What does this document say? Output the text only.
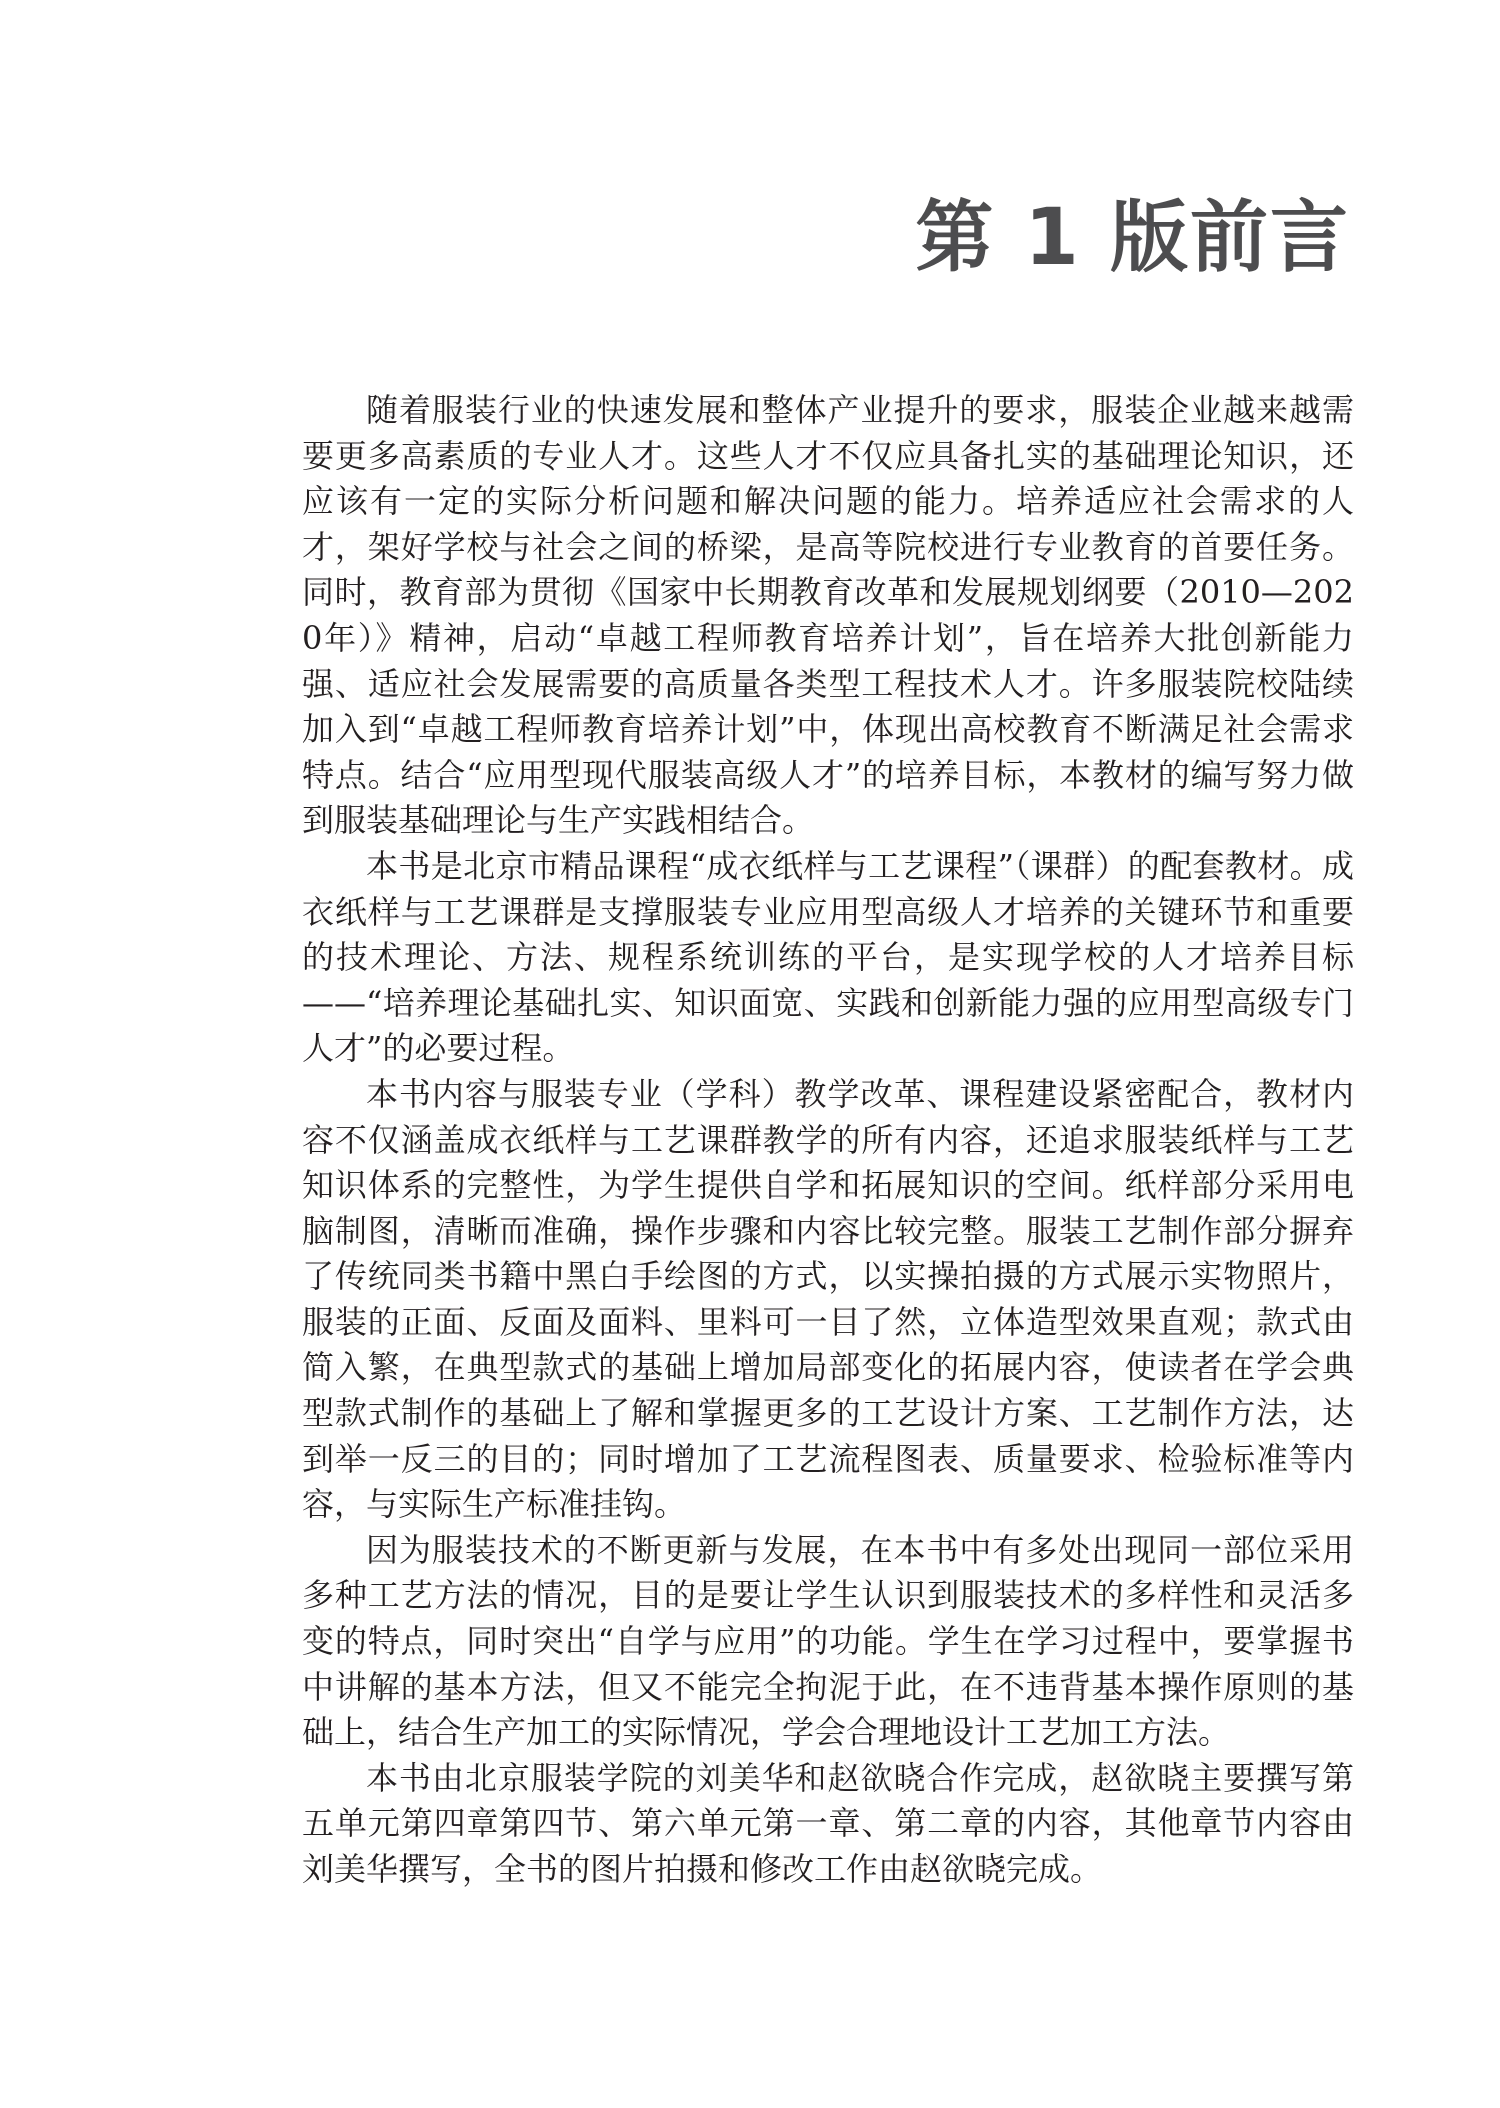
第 1 版前言

随着服装行业的快速发展和整体产业提升的要求，服装企业越来越需要更多高素质的专业人才。这些人才不仅应具备扎实的基础理论知识，还应该有一定的实际分析问题和解决问题的能力。培养适应社会需求的人才，架好学校与社会之间的桥梁，是高等院校进行专业教育的首要任务。同时，教育部为贯彻《国家中长期教育改革和发展规划纲要（2010—2020年）》精神，启动“卓越工程师教育培养计划”，旨在培养大批创新能力强、适应社会发展需要的高质量各类型工程技术人才。许多服装院校陆续加入到“卓越工程师教育培养计划”中，体现出高校教育不断满足社会需求特点。结合“应用型现代服装高级人才”的培养目标，本教材的编写努力做到服装基础理论与生产实践相结合。

本书是北京市精品课程“成衣纸样与工艺课程”（课群）的配套教材。成衣纸样与工艺课群是支撑服装专业应用型高级人才培养的关键环节和重要的技术理论、方法、规程系统训练的平台，是实现学校的人才培养目标——“培养理论基础扎实、知识面宽、实践和创新能力强的应用型高级专门人才”的必要过程。

本书内容与服装专业（学科）教学改革、课程建设紧密配合，教材内容不仅涵盖成衣纸样与工艺课群教学的所有内容，还追求服装纸样与工艺知识体系的完整性，为学生提供自学和拓展知识的空间。纸样部分采用电脑制图，清晰而准确，操作步骤和内容比较完整。服装工艺制作部分摒弃了传统同类书籍中黑白手绘图的方式，以实操拍摄的方式展示实物照片，服装的正面、反面及面料、里料可一目了然，立体造型效果直观；款式由简入繁，在典型款式的基础上增加局部变化的拓展内容，使读者在学会典型款式制作的基础上了解和掌握更多的工艺设计方案、工艺制作方法，达到举一反三的目的；同时增加了工艺流程图表、质量要求、检验标准等内容，与实际生产标准挂钩。

因为服装技术的不断更新与发展，在本书中有多处出现同一部位采用多种工艺方法的情况，目的是要让学生认识到服装技术的多样性和灵活多变的特点，同时突出“自学与应用”的功能。学生在学习过程中，要掌握书中讲解的基本方法，但又不能完全拘泥于此，在不违背基本操作原则的基础上，结合生产加工的实际情况，学会合理地设计工艺加工方法。

本书由北京服装学院的刘美华和赵欲晓合作完成，赵欲晓主要撰写第五单元第四章第四节、第六单元第一章、第二章的内容，其他章节内容由刘美华撰写，全书的图片拍摄和修改工作由赵欲晓完成。
